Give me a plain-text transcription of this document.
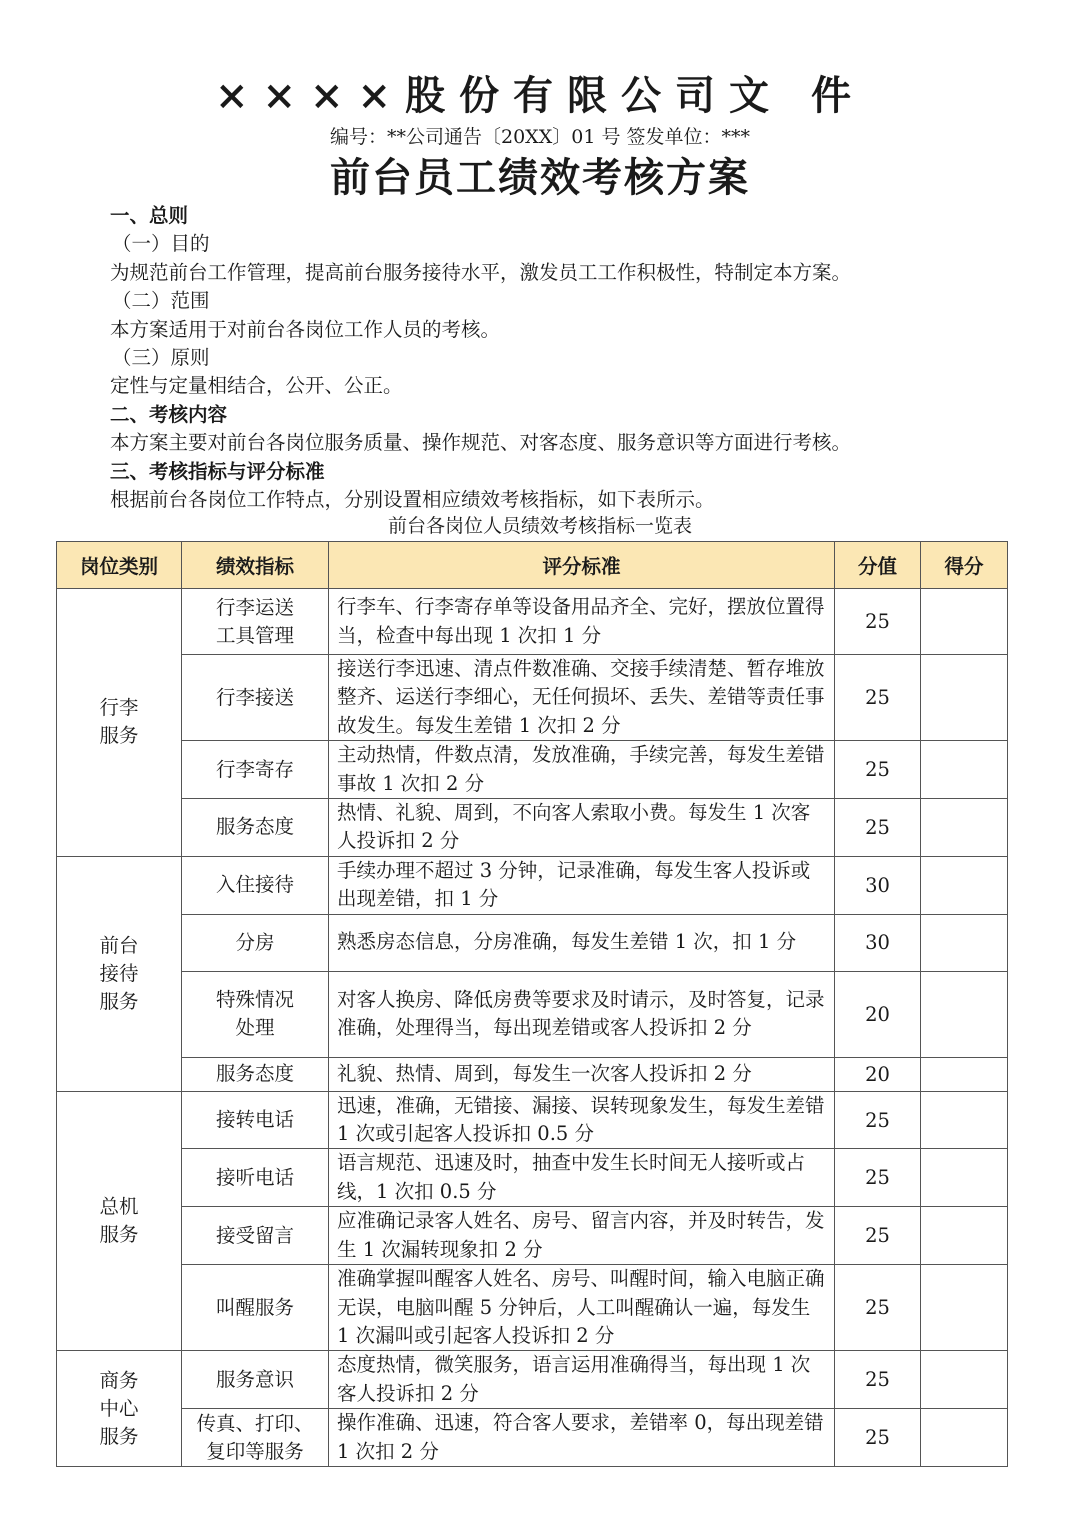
××××股份有限公司文 件
编号：**公司通告〔20XX〕01 号 签发单位：***
前台员工绩效考核方案

一、总则

（一）目的

为规范前台工作管理，提高前台服务接待水平，激发员工工作积极性，特制定本方案。

（二）范围

本方案适用于对前台各岗位工作人员的考核。

（三）原则

定性与定量相结合，公开、公正。

二、考核内容

本方案主要对前台各岗位服务质量、操作规范、对客态度、服务意识等方面进行考核。

三、考核指标与评分标准

根据前台各岗位工作特点，分别设置相应绩效考核指标，如下表所示。

前台各岗位人员绩效考核指标一览表
岗位类别	绩效指标	评分标准	分值	得分
行李服务	行李运送工具管理	行李车、行李寄存单等设备用品齐全、完好，摆放位置得当，检查中每出现 1 次扣 1 分	25	
	行李接送	接送行李迅速、清点件数准确、交接手续清楚、暂存堆放整齐、运送行李细心，无任何损坏、丢失、差错等责任事故发生。每发生差错 1 次扣 2 分	25	
	行李寄存	主动热情，件数点清，发放准确，手续完善，每发生差错事故 1 次扣 2 分	25	
	服务态度	热情、礼貌、周到，不向客人索取小费。每发生 1 次客人投诉扣 2 分	25	
前台接待服务	入住接待	手续办理不超过 3 分钟，记录准确，每发生客人投诉或出现差错，扣 1 分	30	
	分房	熟悉房态信息，分房准确，每发生差错 1 次，扣 1 分	30	
	特殊情况处理	对客人换房、降低房费等要求及时请示，及时答复，记录准确，处理得当，每出现差错或客人投诉扣 2 分	20	
	服务态度	礼貌、热情、周到，每发生一次客人投诉扣 2 分	20	
总机服务	接转电话	迅速，准确，无错接、漏接、误转现象发生，每发生差错 1 次或引起客人投诉扣 0.5 分	25	
	接听电话	语言规范、迅速及时，抽查中发生长时间无人接听或占线，1 次扣 0.5 分	25	
	接受留言	应准确记录客人姓名、房号、留言内容，并及时转告，发生 1 次漏转现象扣 2 分	25	
	叫醒服务	准确掌握叫醒客人姓名、房号、叫醒时间，输入电脑正确无误，电脑叫醒 5 分钟后，人工叫醒确认一遍，每发生 1 次漏叫或引起客人投诉扣 2 分	25	
商务中心服务	服务意识	态度热情，微笑服务，语言运用准确得当，每出现 1 次客人投诉扣 2 分	25	
	传真、打印、复印等服务	操作准确、迅速，符合客人要求，差错率 0，每出现差错 1 次扣 2 分	25	
